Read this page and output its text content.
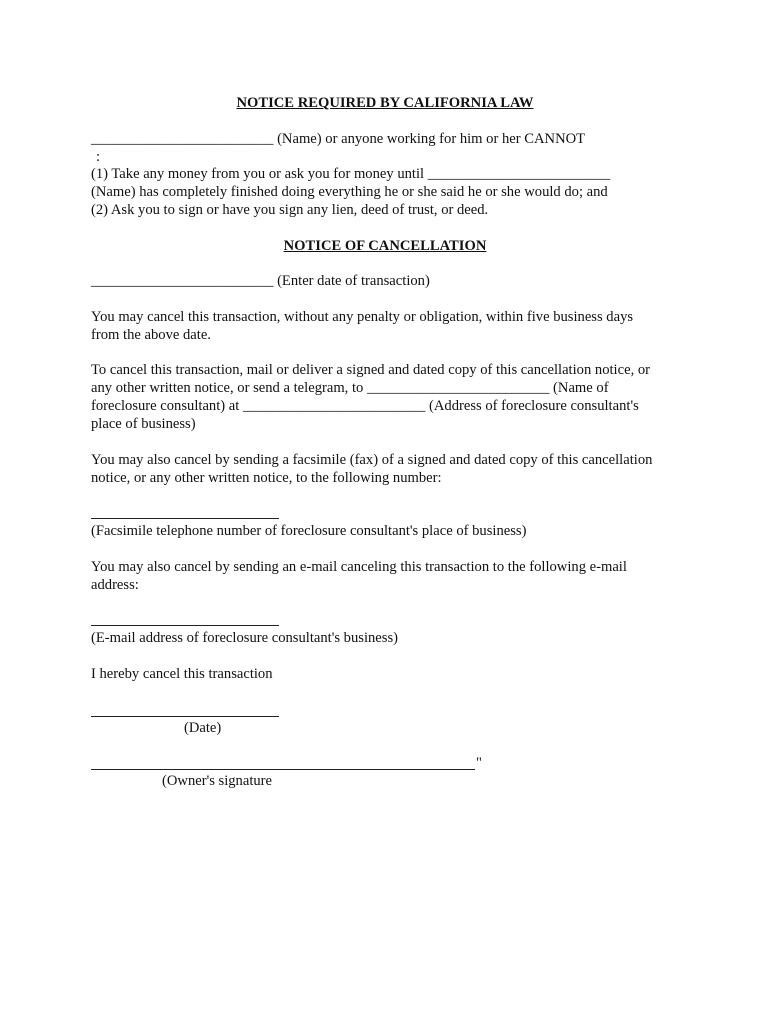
NOTICE REQUIRED BY CALIFORNIA LAW
_________________________ (Name) or anyone working for him or her CANNOT
:
(1) Take any money from you or ask you for money until _________________________
(Name) has completely finished doing everything he or she said he or she would do; and
(2) Ask you to sign or have you sign any lien, deed of trust, or deed.
NOTICE OF CANCELLATION
_________________________ (Enter date of transaction)
You may cancel this transaction, without any penalty or obligation, within five business days
from the above date.
To cancel this transaction, mail or deliver a signed and dated copy of this cancellation notice, or
any other written notice, or send a telegram, to _________________________ (Name of
foreclosure consultant) at _________________________ (Address of foreclosure consultant's
place of business)
You may also cancel by sending a facsimile (fax) of a signed and dated copy of this cancellation
notice, or any other written notice, to the following number:
(Facsimile telephone number of foreclosure consultant's place of business)
You may also cancel by sending an e-mail canceling this transaction to the following e-mail
address:
(E-mail address of foreclosure consultant's business)
I hereby cancel this transaction
(Date)
"
(Owner's signature
